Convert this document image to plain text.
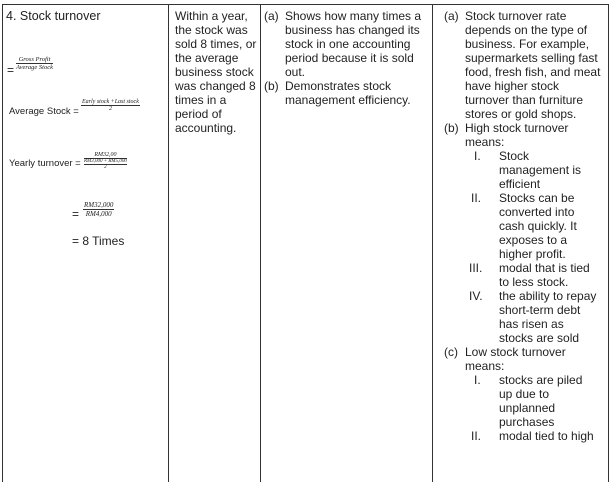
4. Stock turnover
=
Gross Profit
Average Stock
Average Stock =
Early stock +Last stock
2
Yearly turnover =
RM32,00
RM3,000 + RM5,000
2
= $\frac{RM32,000}{RM4,000}$
= 8 Times
Within a year, the stock was sold 8 times, or the average business stock was changed 8 times in a period of accounting.
(a) Shows how many times a business has changed its stock in one accounting period because it is sold out.
(b) Demonstrates stock management efficiency.
(a) Stock turnover rate depends on the type of business. For example, supermarkets selling fast food, fresh fish, and meat have higher stock turnover than furniture stores or gold shops.
(b) High stock turnover means:
I. Stock management is efficient
II. Stocks can be converted into cash quickly. It exposes to a higher profit.
III. modal that is tied to less stock.
IV. the ability to repay short-term debt has risen as stocks are sold
(c) Low stock turnover means:
I. stocks are piled up due to unplanned purchases
II. modal tied to high
